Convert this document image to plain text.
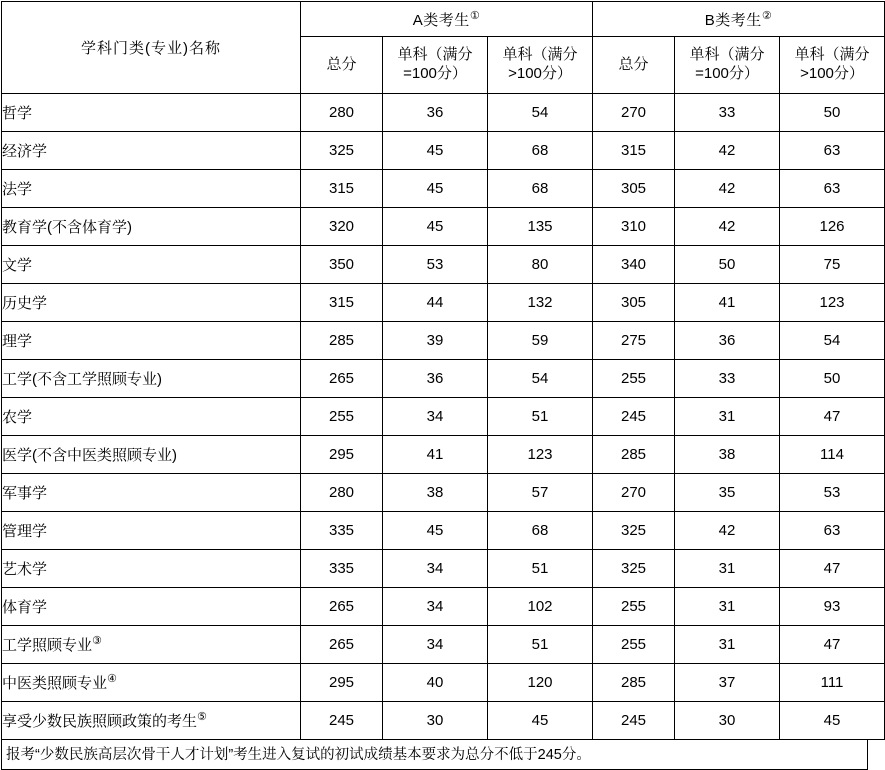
学科门类(专业)名称	A类考生①			B类考生②

	总分	单科（满分
=100分）	单科（满分
>100分）	总分	单科（满分
=100分）	单科（满分
>100分）

哲学	280	36	54	270	33	50
经济学	325	45	68	315	42	63
法学	315	45	68	305	42	63
教育学(不含体育学)	320	45	135	310	42	126
文学	350	53	80	340	50	75
历史学	315	44	132	305	41	123
理学	285	39	59	275	36	54
工学(不含工学照顾专业)	265	36	54	255	33	50
农学	255	34	51	245	31	47
医学(不含中医类照顾专业)	295	41	123	285	38	114
军事学	280	38	57	270	35	53
管理学	335	45	68	325	42	63
艺术学	335	34	51	325	31	47
体育学	265	34	102	255	31	93
工学照顾专业③	265	34	51	255	31	47
中医类照顾专业④	295	40	120	285	37	111
享受少数民族照顾政策的考生⑤	245	30	45	245	30	45
报考“少数民族高层次骨干人才计划”考生进入复试的初试成绩基本要求为总分不低于245分。
